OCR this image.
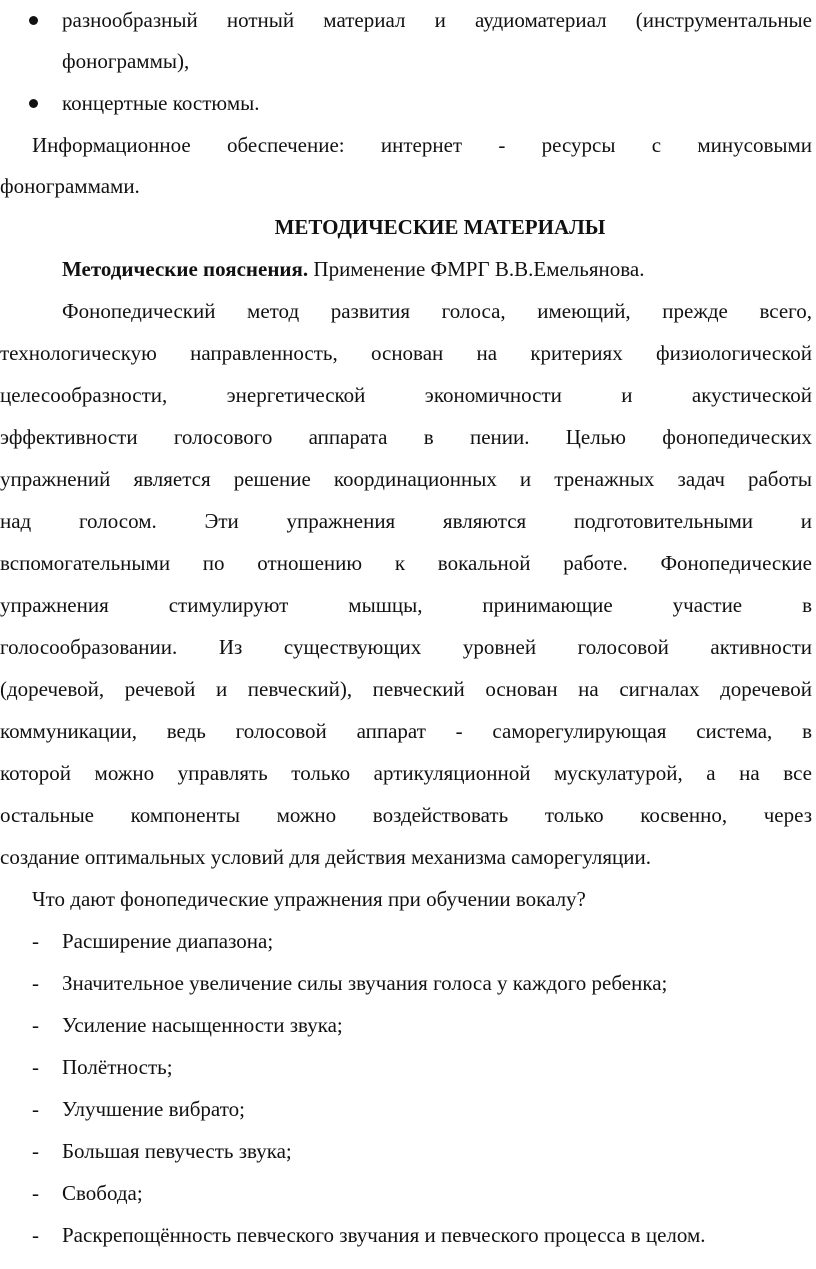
разнообразный нотный материал и аудиоматериал (инструментальные

фонограммы),

концертные костюмы.

Информационное обеспечение: интернет - ресурсы с минусовыми

фонограммами.

МЕТОДИЧЕСКИЕ МАТЕРИАЛЫ

Методические пояснения. Применение ФМРГ В.В.Емельянова.

Фонопедический метод развития голоса, имеющий, прежде всего,

технологическую направленность, основан на критериях физиологической

целесообразности, энергетической экономичности и акустической

эффективности голосового аппарата в пении. Целью фонопедических

упражнений является решение координационных и тренажных задач работы

над голосом. Эти упражнения являются подготовительными и

вспомогательными по отношению к вокальной работе. Фонопедические

упражнения стимулируют мышцы, принимающие участие в

голосообразовании. Из существующих уровней голосовой активности

(доречевой, речевой и певческий), певческий основан на сигналах доречевой

коммуникации, ведь голосовой аппарат - саморегулирующая система, в

которой можно управлять только артикуляционной мускулатурой, а на все

остальные компоненты можно воздействовать только косвенно, через

создание оптимальных условий для действия механизма саморегуляции.

Что дают фонопедические упражнения при обучении вокалу?

- Расширение диапазона;

- Значительное увеличение силы звучания голоса у каждого ребенка;

- Усиление насыщенности звука;

- Полётность;

- Улучшение вибрато;

- Большая певучесть звука;

- Свобода;

- Раскрепощённость певческого звучания и певческого процесса в целом.
